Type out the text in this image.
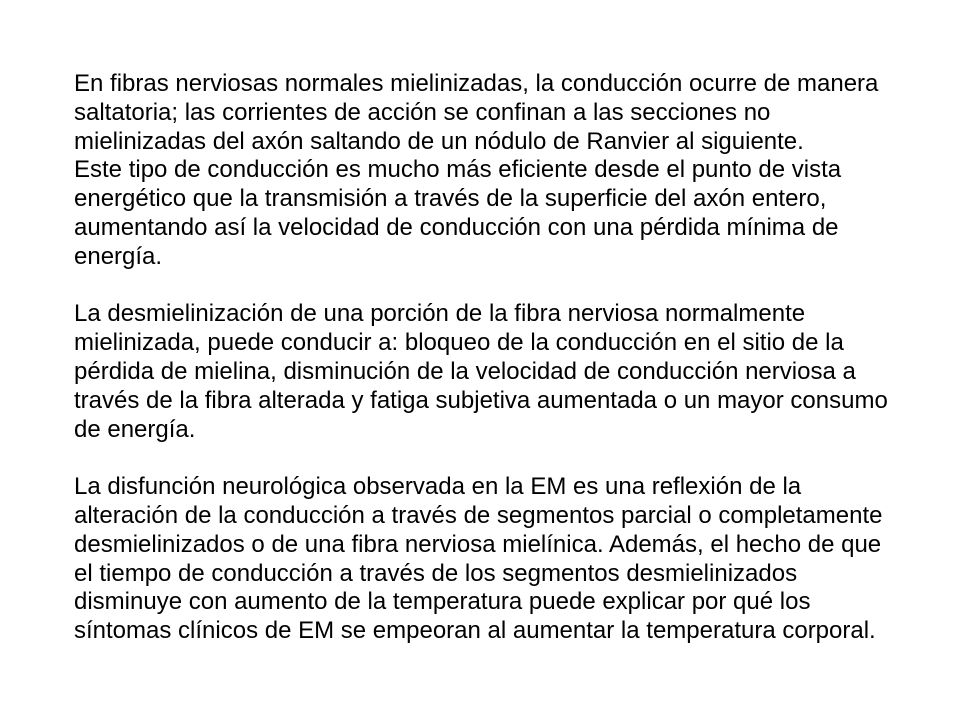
En fibras nerviosas normales mielinizadas, la conducción ocurre de manera
saltatoria; las corrientes de acción se confinan a las secciones no
mielinizadas del axón saltando de un nódulo de Ranvier al siguiente.
Este tipo de conducción es mucho más eficiente desde el punto de vista
energético que la transmisión a través de la superficie del axón entero,
aumentando así la velocidad de conducción con una pérdida mínima de
energía.
La desmielinización de una porción de la fibra nerviosa normalmente
mielinizada, puede conducir a: bloqueo de la conducción en el sitio de la
pérdida de mielina, disminución de la velocidad de conducción nerviosa a
través de la fibra alterada y fatiga subjetiva aumentada o un mayor consumo
de energía.
La disfunción neurológica observada en la EM es una reflexión de la
alteración de la conducción a través de segmentos parcial o completamente
desmielinizados o de una fibra nerviosa mielínica. Además, el hecho de que
el tiempo de conducción a través de los segmentos desmielinizados
disminuye con aumento de la temperatura puede explicar por qué los
síntomas clínicos de EM se empeoran al aumentar la temperatura corporal.
